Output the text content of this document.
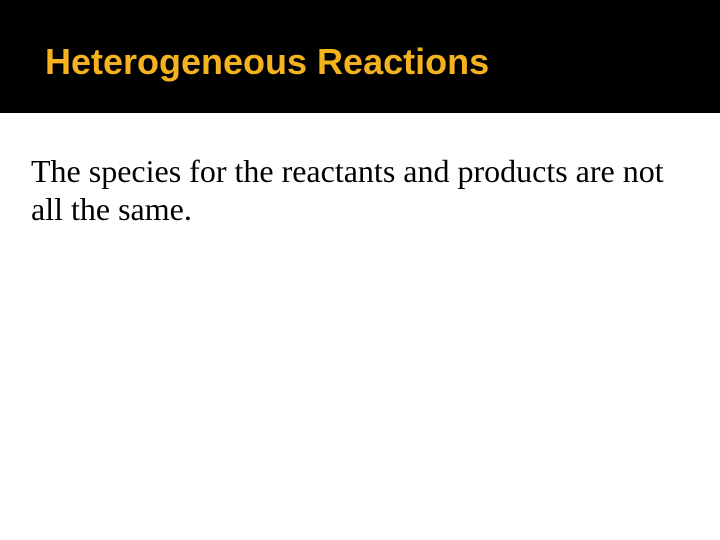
Heterogeneous Reactions

The species for the reactants and products are not all the same.
